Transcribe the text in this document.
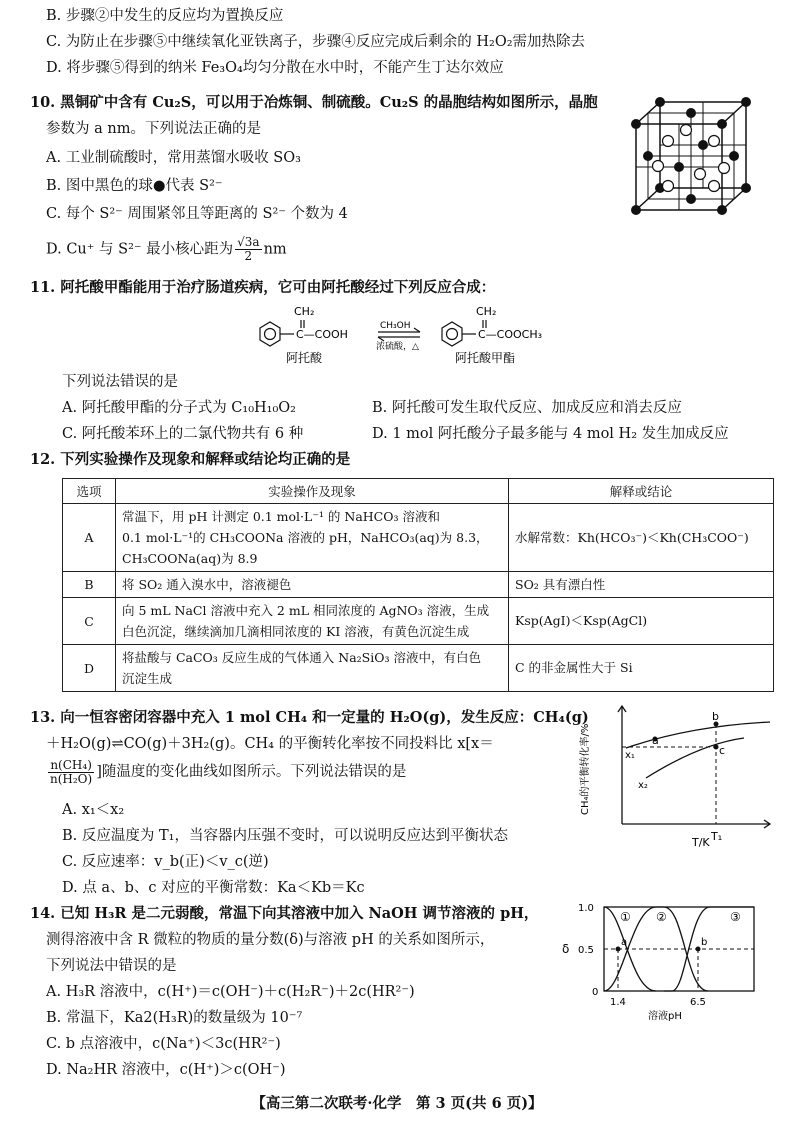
B. 步骤②中发生的反应均为置换反应
C. 为防止在步骤⑤中继续氧化亚铁离子，步骤④反应完成后剩余的 H₂O₂需加热除去
D. 将步骤⑤得到的纳米 Fe₃O₄均匀分散在水中时，不能产生丁达尔效应
10. 黑铜矿中含有 Cu₂S，可以用于冶炼铜、制硫酸。Cu₂S 的晶胞结构如图所示，晶胞
参数为 a nm。下列说法正确的是
A. 工业制硫酸时，常用蒸馏水吸收 SO₃
B. 图中黑色的球●代表 S²⁻
C. 每个 S²⁻ 周围紧邻且等距离的 S²⁻ 个数为 4
D. Cu⁺ 与 S²⁻ 最小核心距为 $\frac{√3a}{2}$ nm
11. 阿托酸甲酯能用于治疗肠道疾病，它可由阿托酸经过下列反应合成：
CH₂
C—COOH
CH₃OH
浓硫酸，△
CH₂
C—COOCH₃
阿托酸	阿托酸甲酯
下列说法错误的是
A. 阿托酸甲酯的分子式为 C₁₀H₁₀O₂	B. 阿托酸可发生取代反应、加成反应和消去反应
C. 阿托酸苯环上的二氯代物共有 6 种	D. 1 mol 阿托酸分子最多能与 4 mol H₂ 发生加成反应
12. 下列实验操作及现象和解释或结论均正确的是
选项	实验操作及现象	解释或结论
A	常温下，用 pH 计测定 0.1 mol·L⁻¹ 的 NaHCO₃ 溶液和
0.1 mol·L⁻¹的 CH₃COONa 溶液的 pH，NaHCO₃(aq)为 8.3，
CH₃COONa(aq)为 8.9	水解常数：Kh(HCO₃⁻)＜Kh(CH₃COO⁻)
B	将 SO₂ 通入溴水中，溶液褪色	SO₂ 具有漂白性
C	向 5 mL NaCl 溶液中充入 2 mL 相同浓度的 AgNO₃ 溶液，生成
白色沉淀，继续滴加几滴相同浓度的 KI 溶液，有黄色沉淀生成	Ksp(AgI)＜Ksp(AgCl)
D	将盐酸与 CaCO₃ 反应生成的气体通入 Na₂SiO₃ 溶液中，有白色
沉淀生成	C 的非金属性大于 Si
13. 向一恒容密闭容器中充入 1 mol CH₄ 和一定量的 H₂O(g)，发生反应：CH₄(g)
＋H₂O(g)⇌CO(g)＋3H₂(g)。CH₄ 的平衡转化率按不同投料比 x[x＝
$\frac{\text{n(CH₄)}}{\text{n(H₂O)}}$ ]随温度的变化曲线如图所示。下列说法错误的是
A. x₁＜x₂
B. 反应温度为 T₁，当容器内压强不变时，可以说明反应达到平衡状态
C. 反应速率：v_b(正)＜v_c(逆)
D. 点 a、b、c 对应的平衡常数：Ka＜Kb＝Kc
CH₄的平衡转化率/%
T/K T₁
a
b
c
x₁
x₂
14. 已知 H₃R 是二元弱酸，常温下向其溶液中加入 NaOH 调节溶液的 pH，
测得溶液中含 R 微粒的物质的量分数(δ)与溶液 pH 的关系如图所示，
下列说法中错误的是
A. H₃R 溶液中，c(H⁺)＝c(OH⁻)＋c(H₂R⁻)＋2c(HR²⁻)
B. 常温下，Ka2(H₃R)的数量级为 10⁻⁷
C. b 点溶液中，c(Na⁺)＜3c(HR²⁻)
D. Na₂HR 溶液中，c(H⁺)＞c(OH⁻)
δ
1.0
0.5
0
1.4	6.5
溶液pH
① ②	③
a	b
【高三第二次联考·化学　第 3 页(共 6 页)】
